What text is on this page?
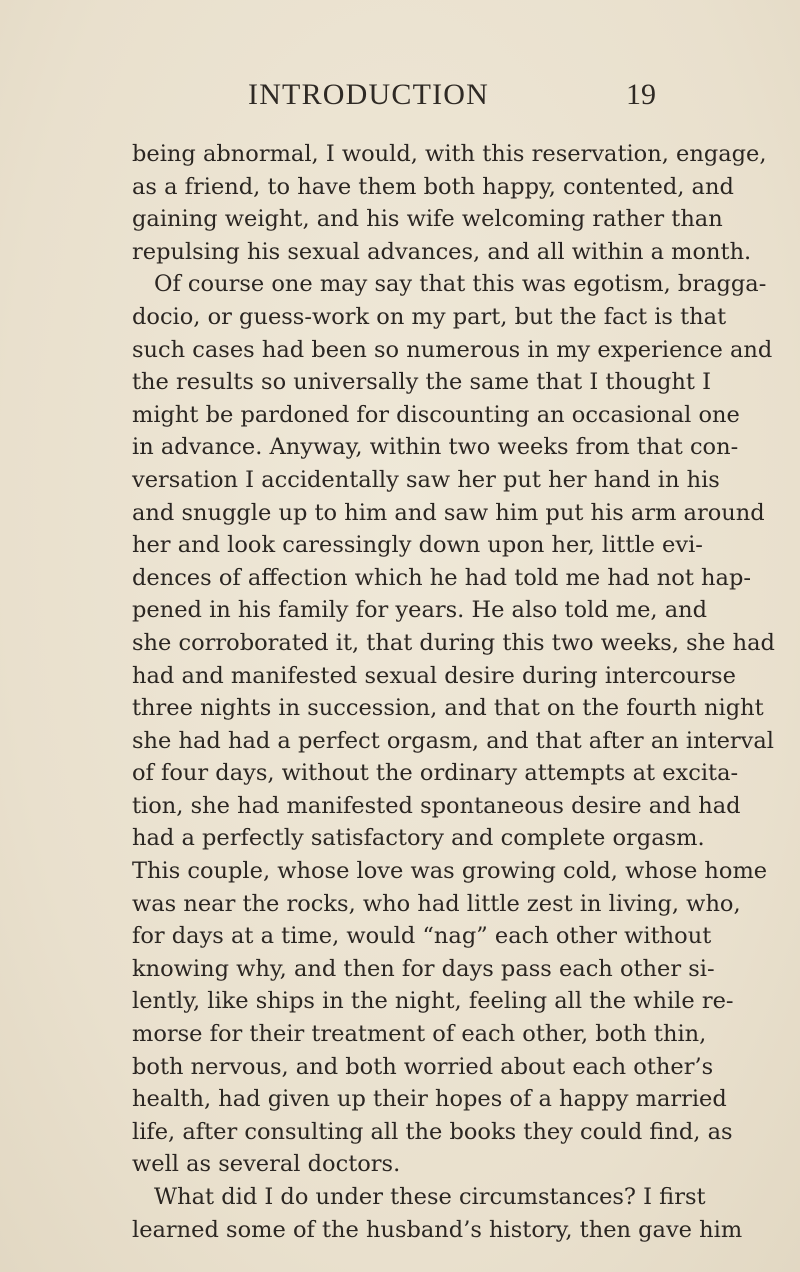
INTRODUCTION	19
being abnormal, I would, with this reservation, engage,
as a friend, to have them both happy, contented, and
gaining weight, and his wife welcoming rather than
repulsing his sexual advances, and all within a month.
Of course one may say that this was egotism, bragga-
docio, or guess-work on my part, but the fact is that
such cases had been so numerous in my experience and
the results so universally the same that I thought I
might be pardoned for discounting an occasional one
in advance. Anyway, within two weeks from that con-
versation I accidentally saw her put her hand in his
and snuggle up to him and saw him put his arm around
her and look caressingly down upon her, little evi-
dences of affection which he had told me had not hap-
pened in his family for years. He also told me, and
she corroborated it, that during this two weeks, she had
had and manifested sexual desire during intercourse
three nights in succession, and that on the fourth night
she had had a perfect orgasm, and that after an interval
of four days, without the ordinary attempts at excita-
tion, she had manifested spontaneous desire and had
had a perfectly satisfactory and complete orgasm.
This couple, whose love was growing cold, whose home
was near the rocks, who had little zest in living, who,
for days at a time, would “nag” each other without
knowing why, and then for days pass each other si-
lently, like ships in the night, feeling all the while re-
morse for their treatment of each other, both thin,
both nervous, and both worried about each other’s
health, had given up their hopes of a happy married
life, after consulting all the books they could find, as
well as several doctors.
What did I do under these circumstances? I first
learned some of the husband’s history, then gave him
